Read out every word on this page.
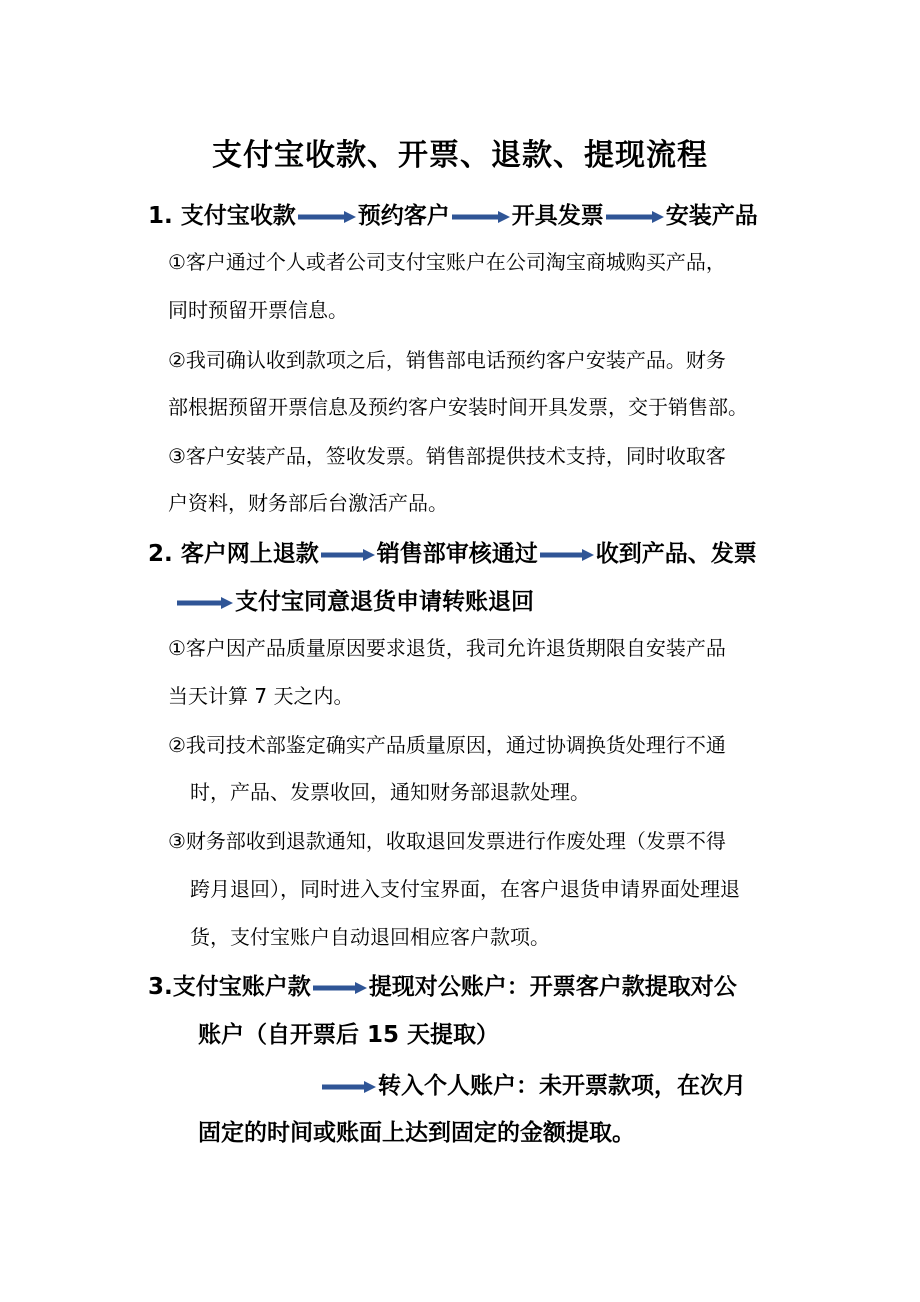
支付宝收款、开票、退款、提现流程
1. 支付宝收款	预约客户	开具发票	安装产品
①客户通过个人或者公司支付宝账户在公司淘宝商城购买产品，
同时预留开票信息。
②我司确认收到款项之后，销售部电话预约客户安装产品。财务
部根据预留开票信息及预约客户安装时间开具发票，交于销售部。
③客户安装产品，签收发票。销售部提供技术支持，同时收取客
户资料，财务部后台激活产品。
2. 客户网上退款	销售部审核通过	收到产品、发票
支付宝同意退货申请转账退回
①客户因产品质量原因要求退货，我司允许退货期限自安装产品
当天计算 7 天之内。
②我司技术部鉴定确实产品质量原因，通过协调换货处理行不通
时，产品、发票收回，通知财务部退款处理。
③财务部收到退款通知，收取退回发票进行作废处理（发票不得
跨月退回），同时进入支付宝界面，在客户退货申请界面处理退
货，支付宝账户自动退回相应客户款项。
3.支付宝账户款	提现对公账户：开票客户款提取对公
账户（自开票后 15 天提取）
转入个人账户：未开票款项，在次月
固定的时间或账面上达到固定的金额提取。
